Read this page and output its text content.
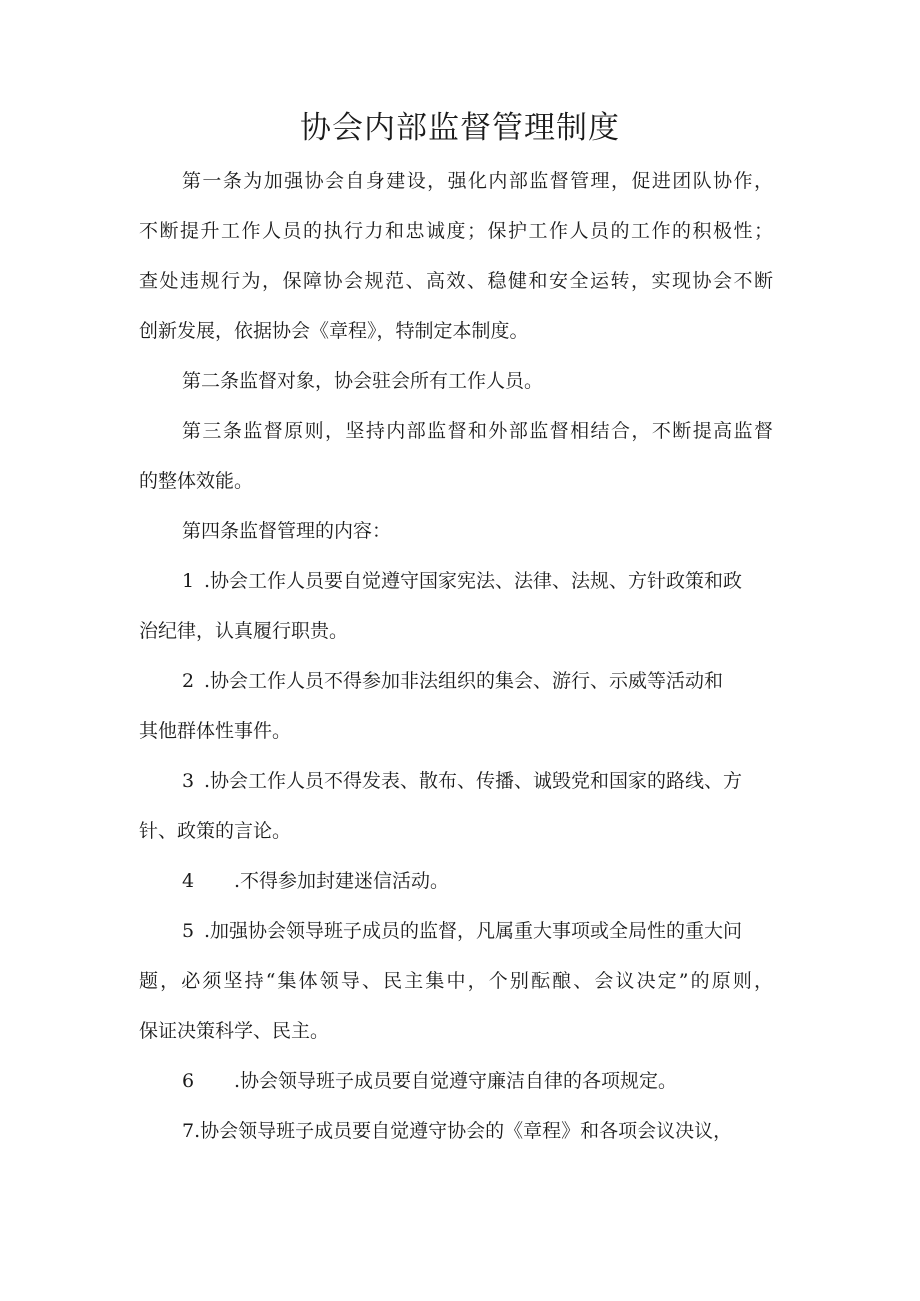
协会内部监督管理制度
第一条为加强协会自身建设，强化内部监督管理，促进团队协作，
不断提升工作人员的执行力和忠诚度；保护工作人员的工作的积极性；
查处违规行为，保障协会规范、高效、稳健和安全运转，实现协会不断
创新发展，依据协会《章程》，特制定本制度。
第二条监督对象，协会驻会所有工作人员。
第三条监督原则，坚持内部监督和外部监督相结合，不断提高监督
的整体效能。
第四条监督管理的内容：
1 .协会工作人员要自觉遵守国家宪法、法律、法规、方针政策和政
治纪律，认真履行职贵。
2 .协会工作人员不得参加非法组织的集会、游行、示威等活动和
其他群体性事件。
3 .协会工作人员不得发表、散布、传播、诚毁党和国家的路线、方
针、政策的言论。
4 .不得参加封建迷信活动。
5 .加强协会领导班子成员的监督，凡属重大事项或全局性的重大问
题，必须坚持“集体领导、民主集中，个别酝酿、会议决定”的原则，
保证决策科学、民主。
6 .协会领导班子成员要自觉遵守廉洁自律的各项规定。
7.协会领导班子成员要自觉遵守协会的《章程》和各项会议决议，
